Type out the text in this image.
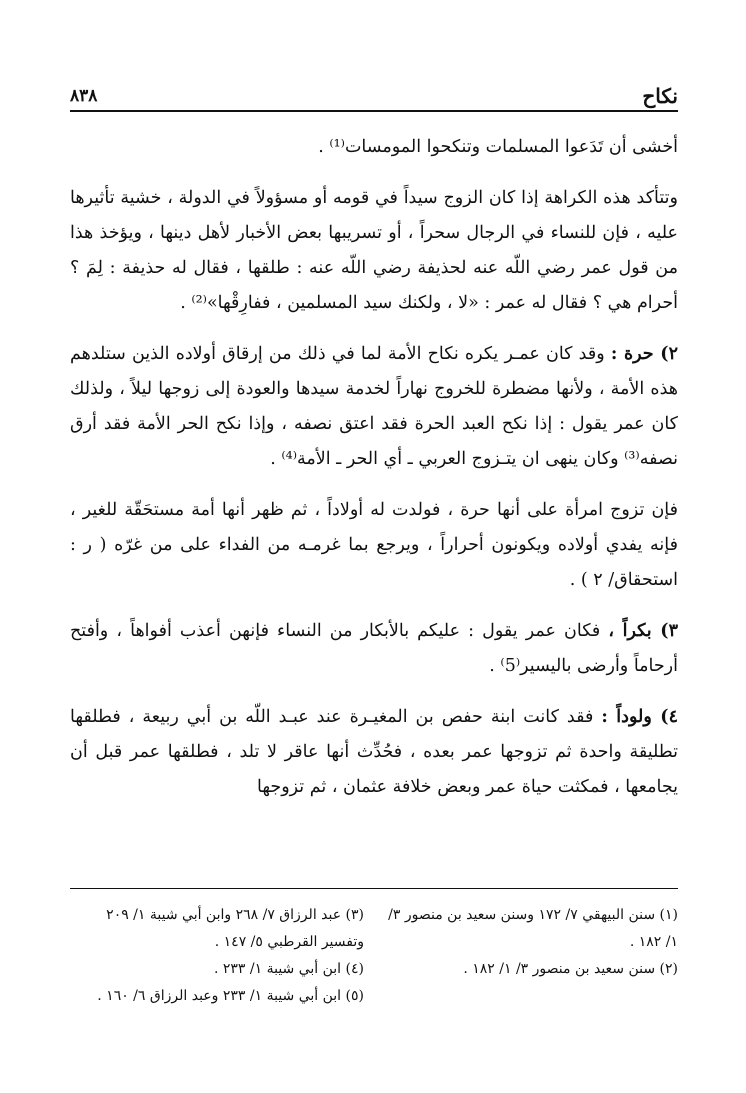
نكاح
٨٣٨

أخشى أن تَدَعوا المسلمات وتنكحوا المومسات⁽¹⁾ .

وتتأكد هذه الكراهة إذا كان الزوج سيداً في قومه أو مسؤولاً في الدولة ، خشية تأثيرها عليه ، فإن للنساء في الرجال سحراً ، أو تسريبها بعض الأخبار لأهل دينها ، ويؤخذ هذا من قول عمر رضي اللّه عنه لحذيفة رضي اللّه عنه : طلقها ، فقال له حذيفة : لِمَ ؟ أحرام هي ؟ فقال له عمر : «لا ، ولكنك سيد المسلمين ، ففارِقْها»⁽²⁾ .

٢) حرة : وقد كان عمـر يكره نكاح الأمة لما في ذلك من إرقاق أولاده الذين ستلدهم هذه الأمة ، ولأنها مضطرة للخروج نهاراً لخدمة سيدها والعودة إلى زوجها ليلاً ، ولذلك كان عمر يقول : إذا نكح العبد الحرة فقد اعتق نصفه ، وإذا نكح الحر الأمة فقد أرق نصفه⁽³⁾ وكان ينهى ان يتـزوج العربي ـ أي الحر ـ الأمة⁽⁴⁾ .

فإن تزوج امرأة على أنها حرة ، فولدت له أولاداً ، ثم ظهر أنها أمة مستحَقّة للغير ، فإنه يفدي أولاده ويكونون أحراراً ، ويرجع بما غرمـه من الفداء على من غرّه ( ر : استحقاق/ ٢ ) .

٣) بكراً ، فكان عمر يقول : عليكم بالأبكار من النساء فإنهن أعذب أفواهاً ، وأفتح أرحاماً وأرضى باليسير⁽5⁾ .

٤) ولوداً : فقد كانت ابنة حفص بن المغيـرة عند عبـد اللّه بن أبي ربيعة ، فطلقها تطليقة واحدة ثم تزوجها عمر بعده ، فحُدِّث أنها عاقر لا تلد ، فطلقها عمر قبل أن يجامعها ، فمكثت حياة عمر وبعض خلافة عثمان ، ثم تزوجها

(١) سنن البيهقي ٧/ ١٧٢ وسنن سعيد بن منصور ٣/ ١/ ١٨٢ .

(٢) سنن سعيد بن منصور ٣/ ١/ ١٨٢ .

(٣) عبد الرزاق ٧/ ٢٦٨ وابن أبي شيبة ١/ ٢٠٩ وتفسير القرطبي ٥/ ١٤٧ .

(٤) ابن أبي شيبة ١/ ٢٣٣ .

(٥) ابن أبي شيبة ١/ ٢٣٣ وعبد الرزاق ٦/ ١٦٠ .
